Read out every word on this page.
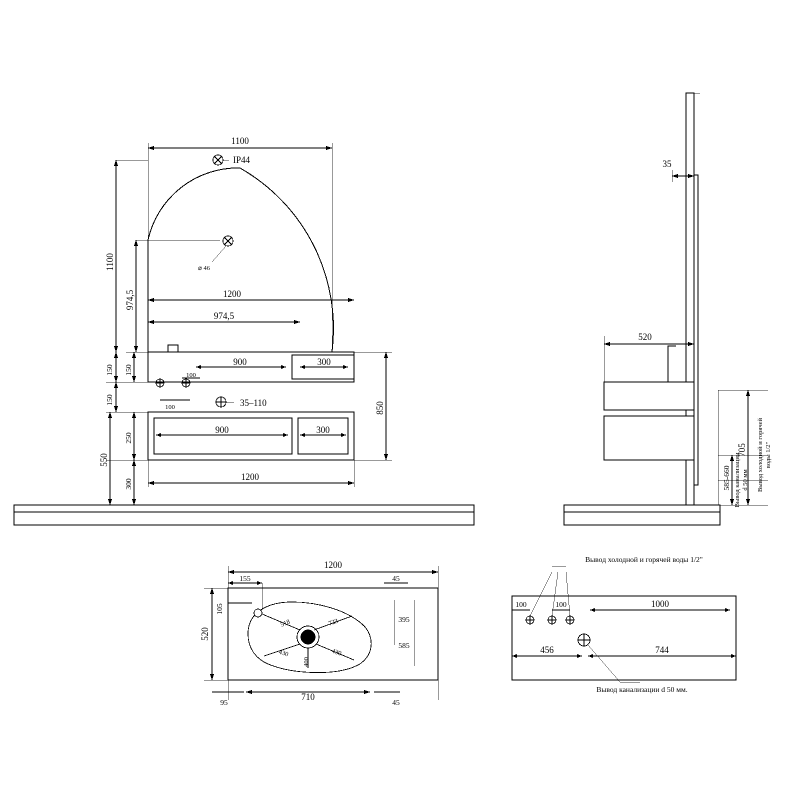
1100
1100
974,5	1200
974,5
1200
900	300
900	300
150 150
150
250
550
300
850
100
100
IP44
⌀ 46
35–110
35
520
705
585-660 Вывод канализации d 50 мм Вывод холодной и горячей воды 1/2"
1200
155	45
45
520
105
518	723
430	430
400
395
585
710
95
Вывод холодной и горячей воды 1/2"
100	100	1000
456	744
Вывод канализации d 50 мм.
